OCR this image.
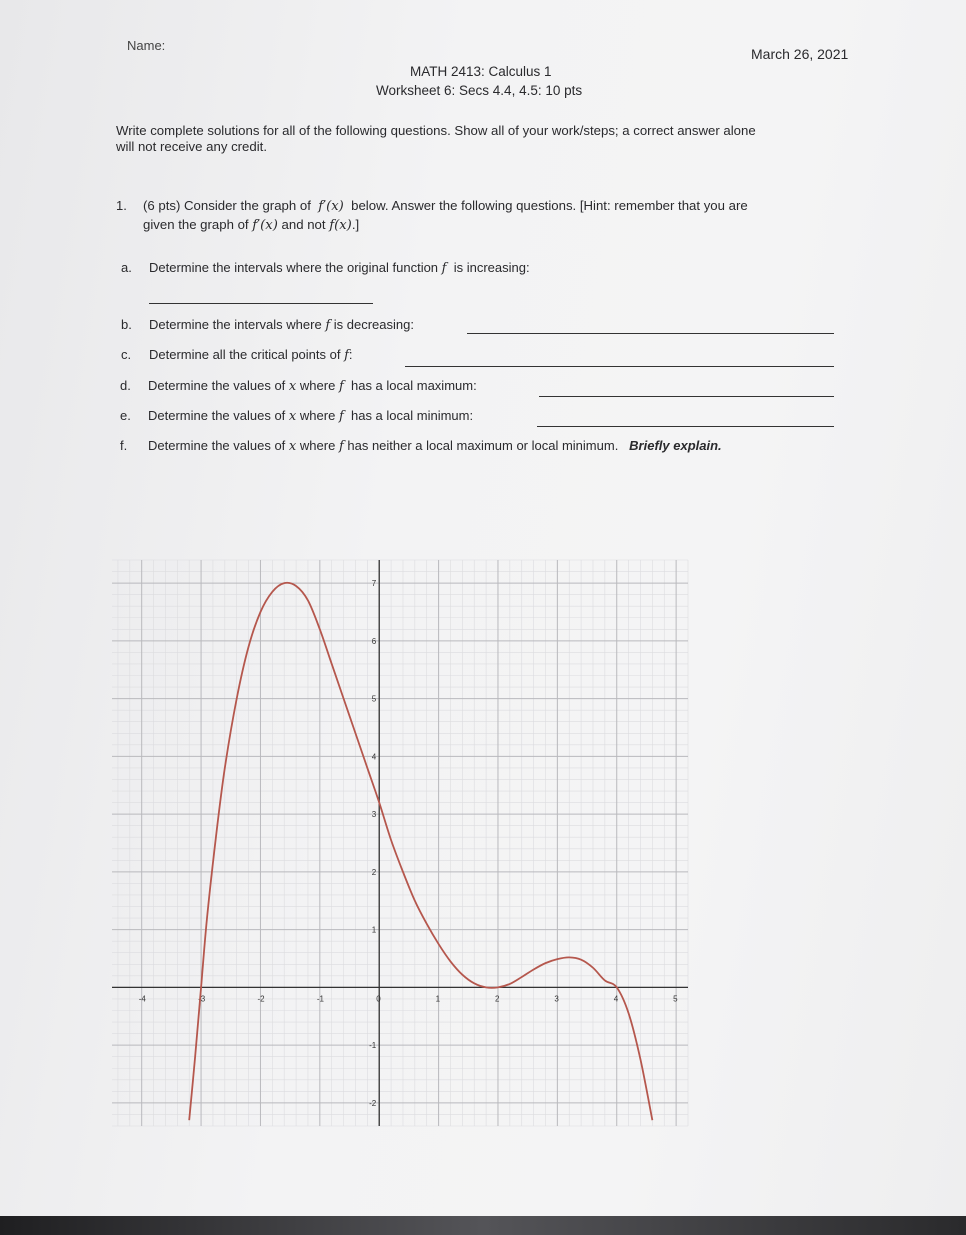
Name:
March 26, 2021
MATH 2413: Calculus 1
Worksheet 6: Secs 4.4, 4.5: 10 pts
Write complete solutions for all of the following questions. Show all of your work/steps; a correct answer alone
will not receive any credit.
1. (6 pts) Consider the graph of f′(x) below. Answer the following questions. [Hint: remember that you are
given the graph of f′(x) and not f(x).]
a. Determine the intervals where the original function f is increasing:
b. Determine the intervals where f is decreasing:
c. Determine all the critical points of f:
d. Determine the values of x where f has a local maximum:
e. Determine the values of x where f has a local minimum:
f. Determine the values of x where f has neither a local maximum or local minimum. Briefly explain.
-4	-3	-2	-1	0	1	2	3	4	5
-2
-1
1
2
3
4
5
6
7
